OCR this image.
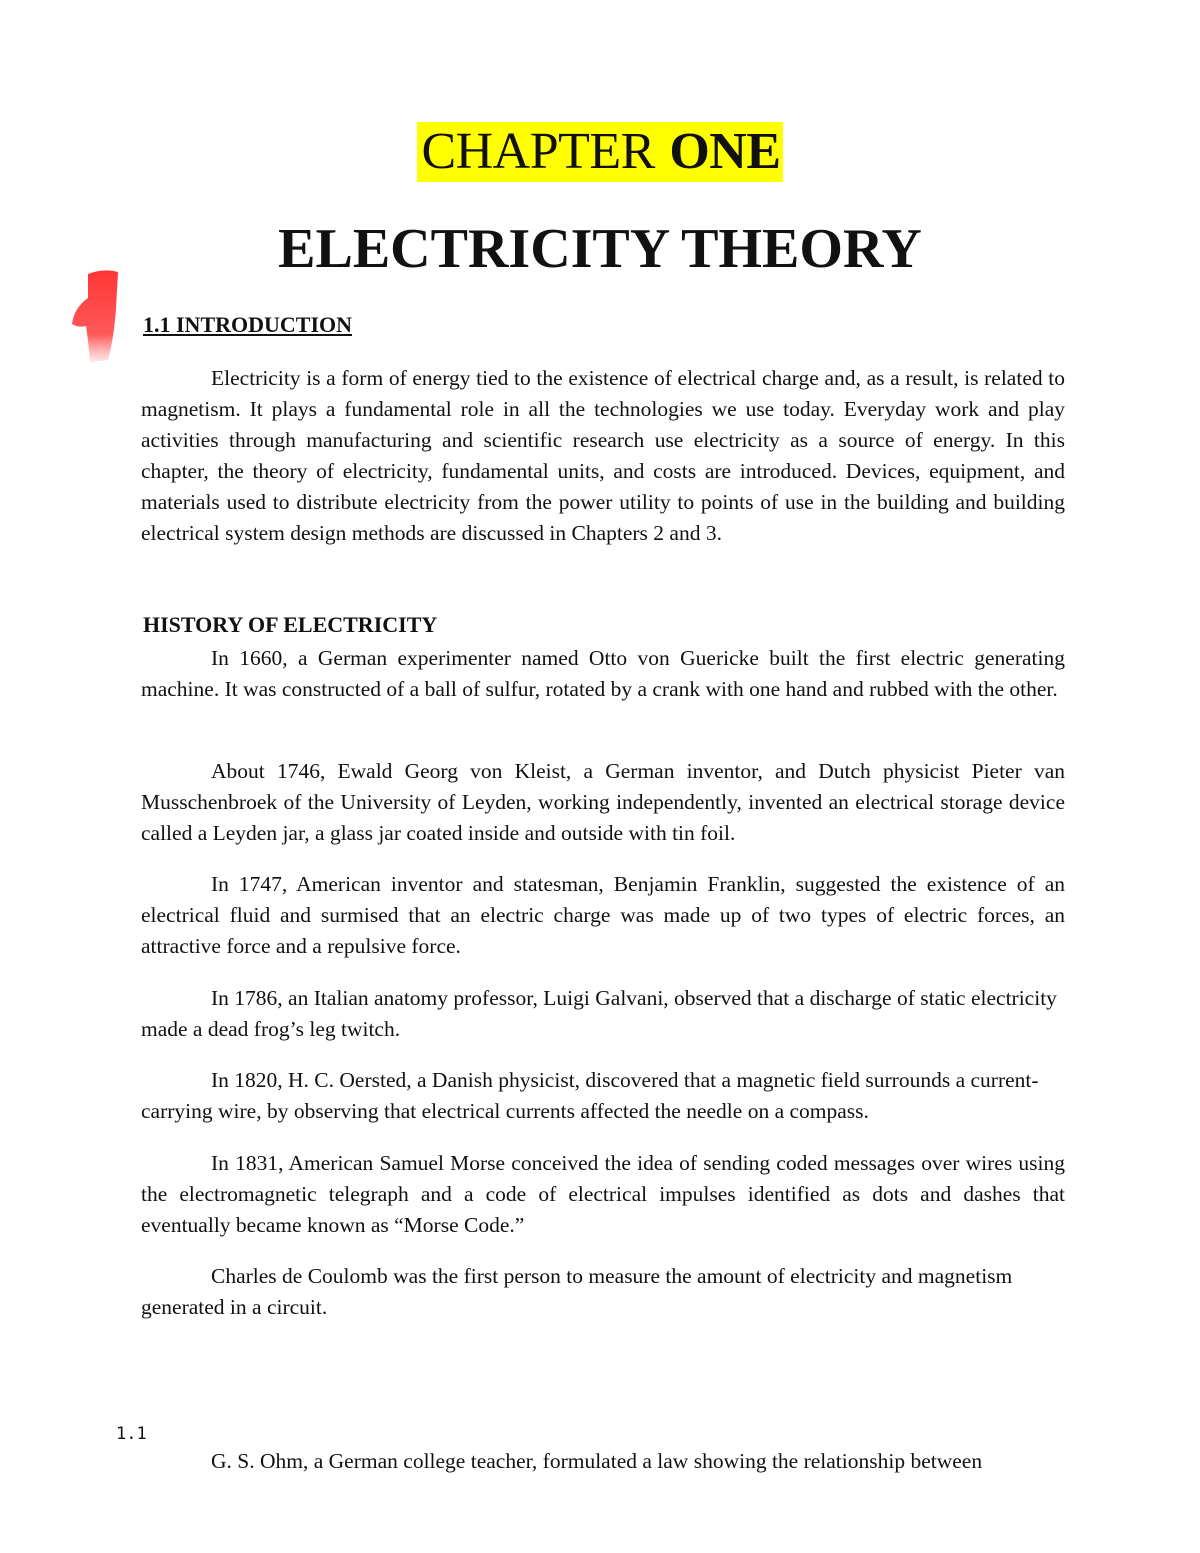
CHAPTER ONE
ELECTRICITY THEORY
1.1 INTRODUCTION

Electricity is a form of energy tied to the existence of electrical charge and, as a result, is related to magnetism. It plays a fundamental role in all the technologies we use today. Everyday work and play activities through manufacturing and scientific research use electricity as a source of energy. In this chapter, the theory of electricity, fundamental units, and costs are introduced. Devices, equipment, and materials used to distribute electricity from the power utility to points of use in the building and building electrical system design methods are discussed in Chapters 2 and 3.

HISTORY OF ELECTRICITY

In 1660, a German experimenter named Otto von Guericke built the first electric generating machine. It was constructed of a ball of sulfur, rotated by a crank with one hand and rubbed with the other.

About 1746, Ewald Georg von Kleist, a German inventor, and Dutch physicist Pieter van Musschenbroek of the University of Leyden, working independently, invented an electrical storage device called a Leyden jar, a glass jar coated inside and outside with tin foil.

In 1747, American inventor and statesman, Benjamin Franklin, suggested the existence of an electrical fluid and surmised that an electric charge was made up of two types of electric forces, an attractive force and a repulsive force.

In 1786, an Italian anatomy professor, Luigi Galvani, observed that a discharge of static electricity made a dead frog’s leg twitch.

In 1820, H. C. Oersted, a Danish physicist, discovered that a magnetic field surrounds a current-carrying wire, by observing that electrical currents affected the needle on a compass.

In 1831, American Samuel Morse conceived the idea of sending coded messages over wires using the electromagnetic telegraph and a code of electrical impulses identified as dots and dashes that eventually became known as “Morse Code.”

Charles de Coulomb was the first person to measure the amount of electricity and magnetism generated in a circuit.

1.1

G. S. Ohm, a German college teacher, formulated a law showing the relationship between
